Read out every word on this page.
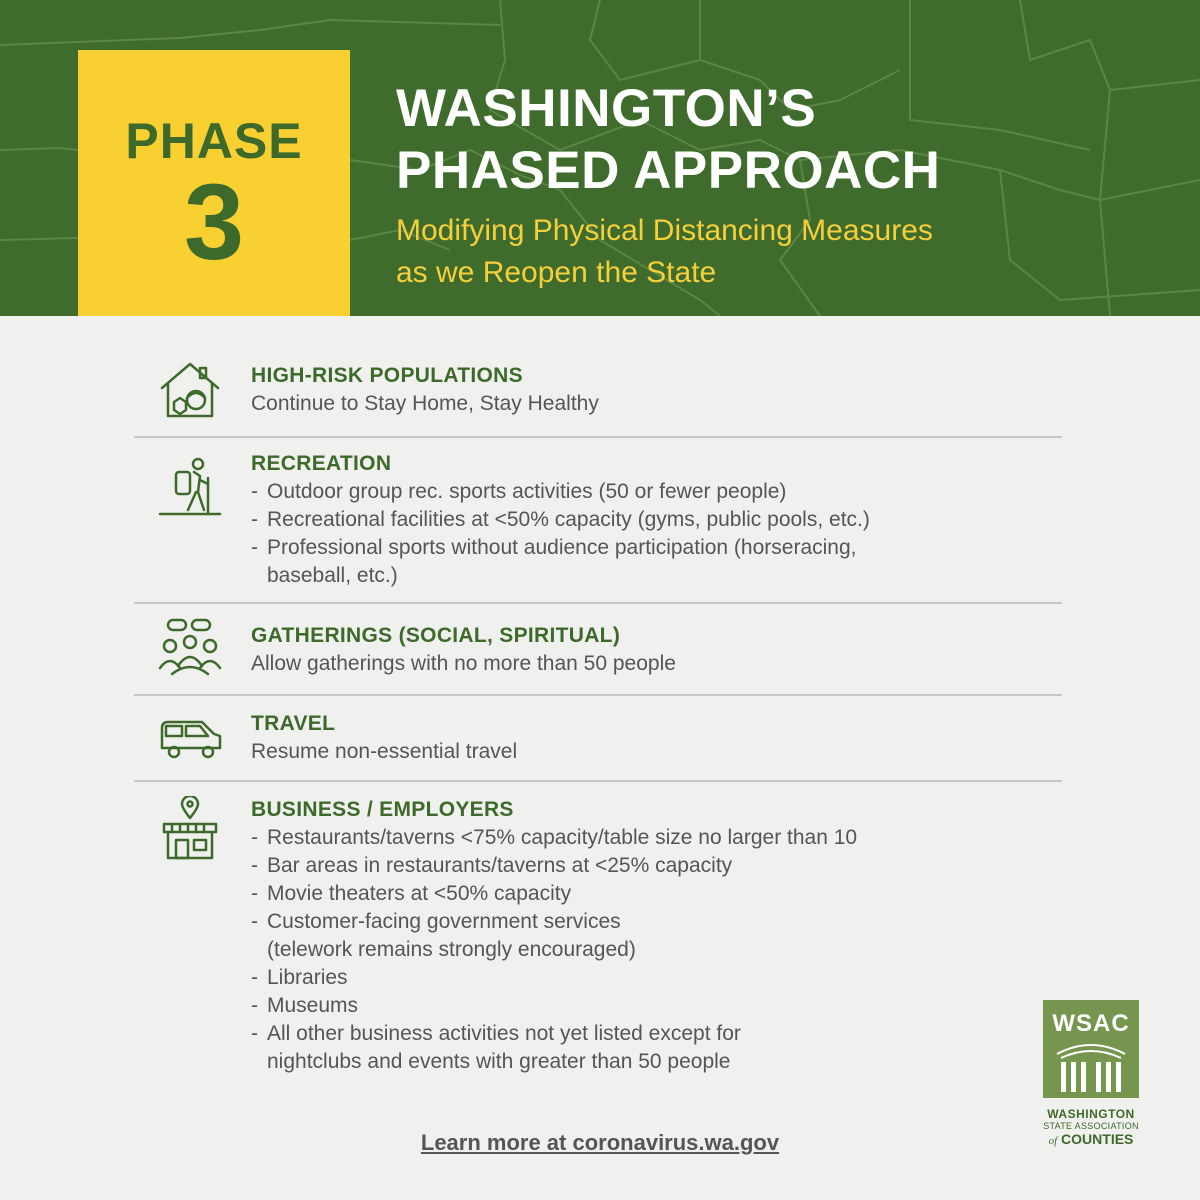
PHASE
3
WASHINGTON’S
PHASED APPROACH
Modifying Physical Distancing Measures
as we Reopen the State
HIGH-RISK POPULATIONS
Continue to Stay Home, Stay Healthy
RECREATION
- Outdoor group rec. sports activities (50 or fewer people)
- Recreational facilities at <50% capacity (gyms, public pools, etc.)
- Professional sports without audience participation (horseracing,
baseball, etc.)
GATHERINGS (SOCIAL, SPIRITUAL)
Allow gatherings with no more than 50 people
TRAVEL
Resume non-essential travel
BUSINESS / EMPLOYERS
- Restaurants/taverns <75% capacity/table size no larger than 10
- Bar areas in restaurants/taverns at <25% capacity
- Movie theaters at <50% capacity
- Customer-facing government services
(telework remains strongly encouraged)
- Libraries
- Museums
- All other business activities not yet listed except for
nightclubs and events with greater than 50 people
Learn more at coronavirus.wa.gov
WSAC
WASHINGTON
STATE ASSOCIATION
of COUNTIES
